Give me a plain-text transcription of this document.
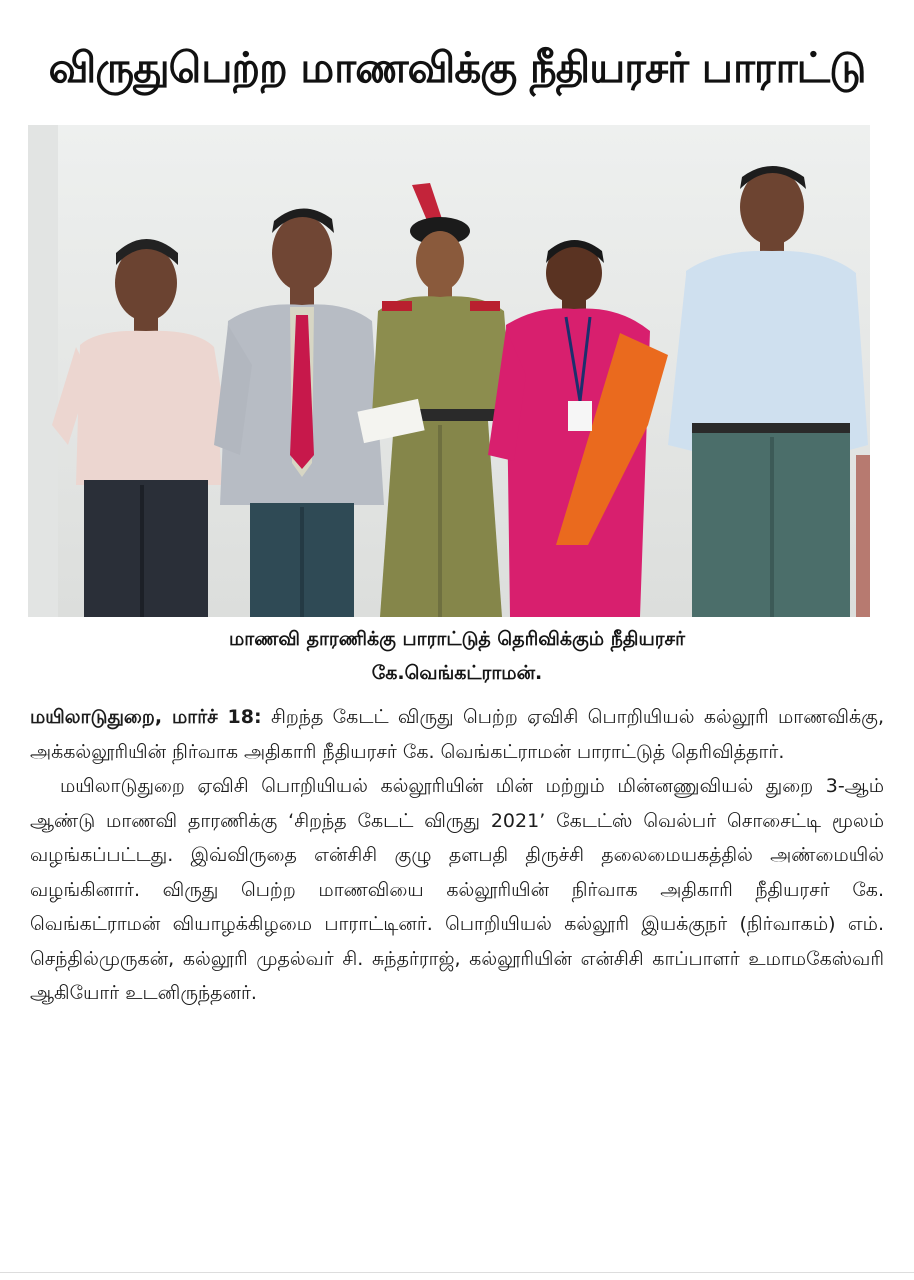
விருதுபெற்ற மாணவிக்கு நீதியரசர் பாராட்டு
மாணவி தாரணிக்கு பாராட்டுத் தெரிவிக்கும் நீதியரசர்
கே.வெங்கட்ராமன்.

மயிலாடுதுறை, மார்ச் 18: சிறந்த கேடட் விருது பெற்ற ஏவிசி பொறியியல் கல்லூரி மாணவிக்கு, அக்கல்லூரியின் நிர்வாக அதிகாரி நீதியரசர் கே. வெங்கட்ராமன் பாராட்டுத் தெரிவித்தார்.

மயிலாடுதுறை ஏவிசி பொறியியல் கல்லூரியின் மின் மற்றும் மின்னணுவியல் துறை 3-ஆம் ஆண்டு மாணவி தாரணிக்கு ‘சிறந்த கேடட் விருது 2021’ கேடட்ஸ் வெல்பர் சொசைட்டி மூலம் வழங்கப்பட்டது. இவ்விருதை என்சிசி குழு தளபதி திருச்சி தலைமையகத்தில் அண்மையில் வழங்கினார். விருது பெற்ற மாணவியை கல்லூரியின் நிர்வாக அதிகாரி நீதியரசர் கே. வெங்கட்ராமன் வியாழக்கிழமை பாராட்டினர். பொறியியல் கல்லூரி இயக்குநர் (நிர்வாகம்) எம். செந்தில்முருகன், கல்லூரி முதல்வர் சி. சுந்தர்ராஜ், கல்லூரியின் என்சிசி காப்பாளர் உமாமகேஸ்வரி ஆகியோர் உடனிருந்தனர்.
